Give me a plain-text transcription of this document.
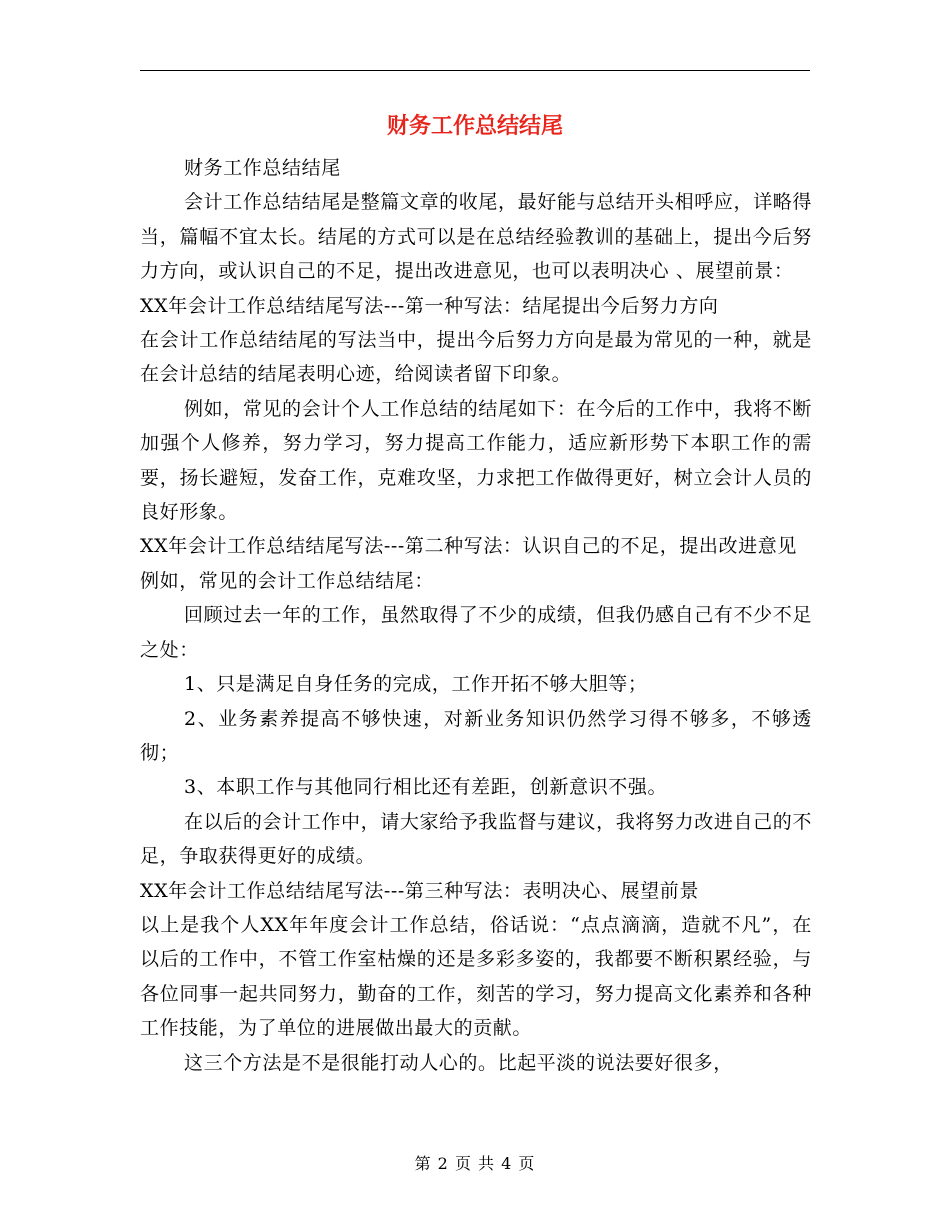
财务工作总结结尾

财务工作总结结尾

会计工作总结结尾是整篇文章的收尾，最好能与总结开头相呼应，详略得当，篇幅不宜太长。结尾的方式可以是在总结经验教训的基础上，提出今后努力方向，或认识自己的不足，提出改进意见，也可以表明决心 、展望前景：

XX年会计工作总结结尾写法---第一种写法：结尾提出今后努力方向

在会计工作总结结尾的写法当中，提出今后努力方向是最为常见的一种，就是在会计总结的结尾表明心迹，给阅读者留下印象。

例如，常见的会计个人工作总结的结尾如下：在今后的工作中，我将不断加强个人修养，努力学习，努力提高工作能力，适应新形势下本职工作的需要，扬长避短，发奋工作，克难攻坚，力求把工作做得更好，树立会计人员的良好形象。

XX年会计工作总结结尾写法---第二种写法：认识自己的不足，提出改进意见

例如，常见的会计工作总结结尾：

回顾过去一年的工作，虽然取得了不少的成绩，但我仍感自己有不少不足之处：

1、只是满足自身任务的完成，工作开拓不够大胆等；

2、业务素养提高不够快速，对新业务知识仍然学习得不够多，不够透彻；

3、本职工作与其他同行相比还有差距，创新意识不强。

在以后的会计工作中，请大家给予我监督与建议，我将努力改进自己的不足，争取获得更好的成绩。

XX年会计工作总结结尾写法---第三种写法：表明决心、展望前景

以上是我个人XX年年度会计工作总结，俗话说：“点点滴滴，造就不凡”，在以后的工作中，不管工作室枯燥的还是多彩多姿的，我都要不断积累经验，与各位同事一起共同努力，勤奋的工作，刻苦的学习，努力提高文化素养和各种工作技能，为了单位的进展做出最大的贡献。

这三个方法是不是很能打动人心的。比起平淡的说法要好很多，

第 2 页 共 4 页
